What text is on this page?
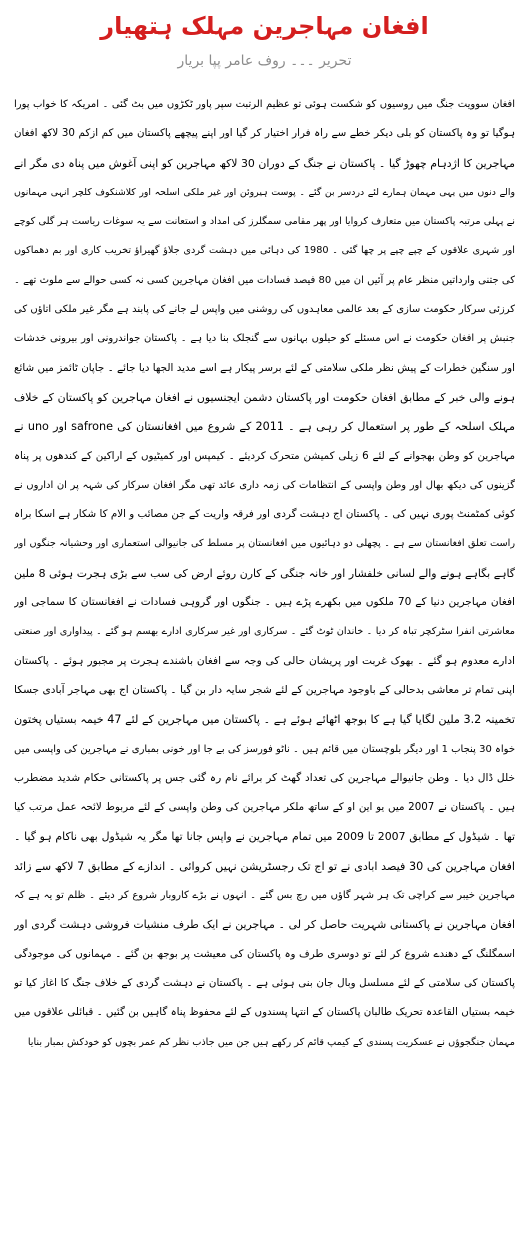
افغان مہاجرین مہلک ہتھیار
تحریر ۔۔۔ روف عامر پپا بریار
افغان سوویت جنگ میں روسیوں کو شکست ہوئی تو عظیم الرتبت سپر پاور ٹکڑوں میں بٹ گئی ۔ امریکہ کا خواب پورا
ہوگیا تو وہ پاکستان کو بلی دیکر خطے سے راہ فرار اختیار کر گیا اور اپنے پیچھے پاکستان میں کم ازکم 30 لاکھ افغان
مہاجرین کا اژدہام چھوڑ گیا ۔ پاکستان نے جنگ کے دوران 30 لاکھ مہاجرین کو اپنی آغوش میں پناہ دی مگر انے
والے دنوں میں یہی مہمان ہمارے لئے دردسر بن گئے ۔ پوست ہیروئن اور غیر ملکی اسلحہ اور کلاشنکوف کلچر انہی مہمانوں
نے پہلی مرتبہ پاکستان میں متعارف کروایا اور پھر مقامی سمگلرز کی امداد و استعانت سے یہ سوغات ریاست ہر گلی کوچے
اور شہری علاقوں کے چپے چپے پر چھا گئی ۔ 1980 کی دہائی میں دہشت گردی جلاؤ گھیراؤ تخریب کاری اور بم دھماکوں
کی جتنی وارداتیں منظر عام پر آئیں ان میں 80 فیصد فسادات میں افغان مہاجرین کسی نہ کسی حوالے سے ملوث تھے ۔
کرزئی سرکار حکومت سازی کے بعد عالمی معاہدوں کی روشنی میں واپس لے جانے کی پابند ہے مگر غیر ملکی اتاؤں کی
جنبش پر افغان حکومت نے اس مسئلے کو حیلوں بہانوں سے گنجلک بنا دیا ہے ۔ پاکستان جواندرونی اور بیرونی خدشات
اور سنگین خطرات کے پیش نظر ملکی سلامتی کے لئے برسر پیکار ہے اسے مدید الجھا دیا جائے ۔ جاپان ٹائمز میں شائع
ہونے والی خبر کے مطابق افغان حکومت اور پاکستان دشمن ایجنسیوں نے افغان مہاجرین کو پاکستان کے خلاف
مہلک اسلحہ کے طور پر استعمال کر رہی ہے ۔ 2011 کے شروع میں افغانستان کی safrone اور uno نے
مہاجرین کو وطن بھجوانے کے لئے 6 زیلی کمیشن متحرک کردیئے ۔ کیمپس اور کمیٹیوں کے اراکین کے کندھوں پر پناہ
گزینوں کی دیکھ بھال اور وطن واپسی کے انتظامات کی زمہ داری عائد تھی مگر افغان سرکار کی شہہ پر ان اداروں نے
کوئی کمٹمنٹ پوری نہیں کی ۔ پاکستان اج دہشت گردی اور فرقہ واریت کے جن مصائب و الام کا شکار ہے اسکا براہ
راست تعلق افغانستان سے ہے ۔ پچھلی دو دہائیوں میں افغانستان پر مسلط کی جانیوالی استعماری اور وحشیانہ جنگوں اور
گاہے بگاہے ہونے والے لسانی خلفشار اور خانہ جنگی کے کارن روئے ارض کی سب سے بڑی ہجرت ہوئی 8 ملین
افغان مہاجرین دنیا کے 70 ملکوں میں بکھرے پڑے ہیں ۔ جنگوں اور گروہی فسادات نے افغانستان کا سماجی اور
معاشرتی انفرا سٹرکچر تباہ کر دیا ۔ خاندان ٹوٹ گئے ۔ سرکاری اور غیر سرکاری ادارے بھسم ہو گئے ۔ پیداواری اور صنعتی
ادارے معدوم ہو گئے ۔ بھوک غربت اور پریشان حالی کی وجہ سے افغان باشندے ہجرت پر مجبور ہوئے ۔ پاکستان
اپنی تمام تر معاشی بدحالی کے باوجود مہاجرین کے لئے شجر سایہ دار بن گیا ۔ پاکستان اج بھی مہاجر آبادی جسکا
تخمینہ 3.2 ملین لگایا گیا ہے کا بوجھ اٹھائے ہوئے ہے ۔ پاکستان میں مہاجرین کے لئے 47 خیمہ بستیاں پختون
خواہ 30 پنجاب 1 اور دیگر بلوچستان میں قائم ہیں ۔ ناٹو فورسز کی بے جا اور خونی بمباری نے مہاجرین کی واپسی میں
خلل ڈال دیا ۔ وطن جانیوالے مہاجرین کی تعداد گھٹ کر برائے نام رہ گئی جس پر پاکستانی حکام شدید مضطرب
ہیں ۔ پاکستان نے 2007 میں یو این او کے ساتھ ملکر مہاجرین کی وطن واپسی کے لئے مربوط لائحہ عمل مرتب کیا
تھا ۔ شیڈول کے مطابق 2007 تا 2009 میں تمام مہاجرین نے واپس جانا تھا مگر یہ شیڈول بھی ناکام ہو گیا ۔
افغان مہاجرین کی 30 فیصد ابادی نے تو اج تک رجسٹریشن نہیں کروائی ۔ اندازے کے مطابق 7 لاکھ سے زائد
مہاجرین خیبر سے کراچی تک ہر شہر گاؤں میں رچ بس گئے ۔ انہوں نے بڑے کاروبار شروع کر دیئے ۔ ظلم تو یہ ہے کہ
افغان مہاجرین نے پاکستانی شہریت حاصل کر لی ۔ مہاجرین نے ایک طرف منشیات فروشی دہشت گردی اور
اسمگلنگ کے دھندے شروع کر لئے تو دوسری طرف وہ پاکستان کی معیشت پر بوجھ بن گئے ۔ مہمانوں کی موجودگی
پاکستان کی سلامتی کے لئے مسلسل وبال جان بنی ہوئی ہے ۔ پاکستان نے دہشت گردی کے خلاف جنگ کا اغاز کیا تو
خیمہ بستیاں القاعدہ تحریک طالبان پاکستان کے انتہا پسندوں کے لئے محفوظ پناہ گاہیں بن گئیں ۔ قبائلی علاقوں میں
مہمان جنگجوؤں نے عسکریت پسندی کے کیمپ قائم کر رکھے ہیں جن میں جاذب نظر کم عمر بچوں کو خودکش بمبار بنایا
